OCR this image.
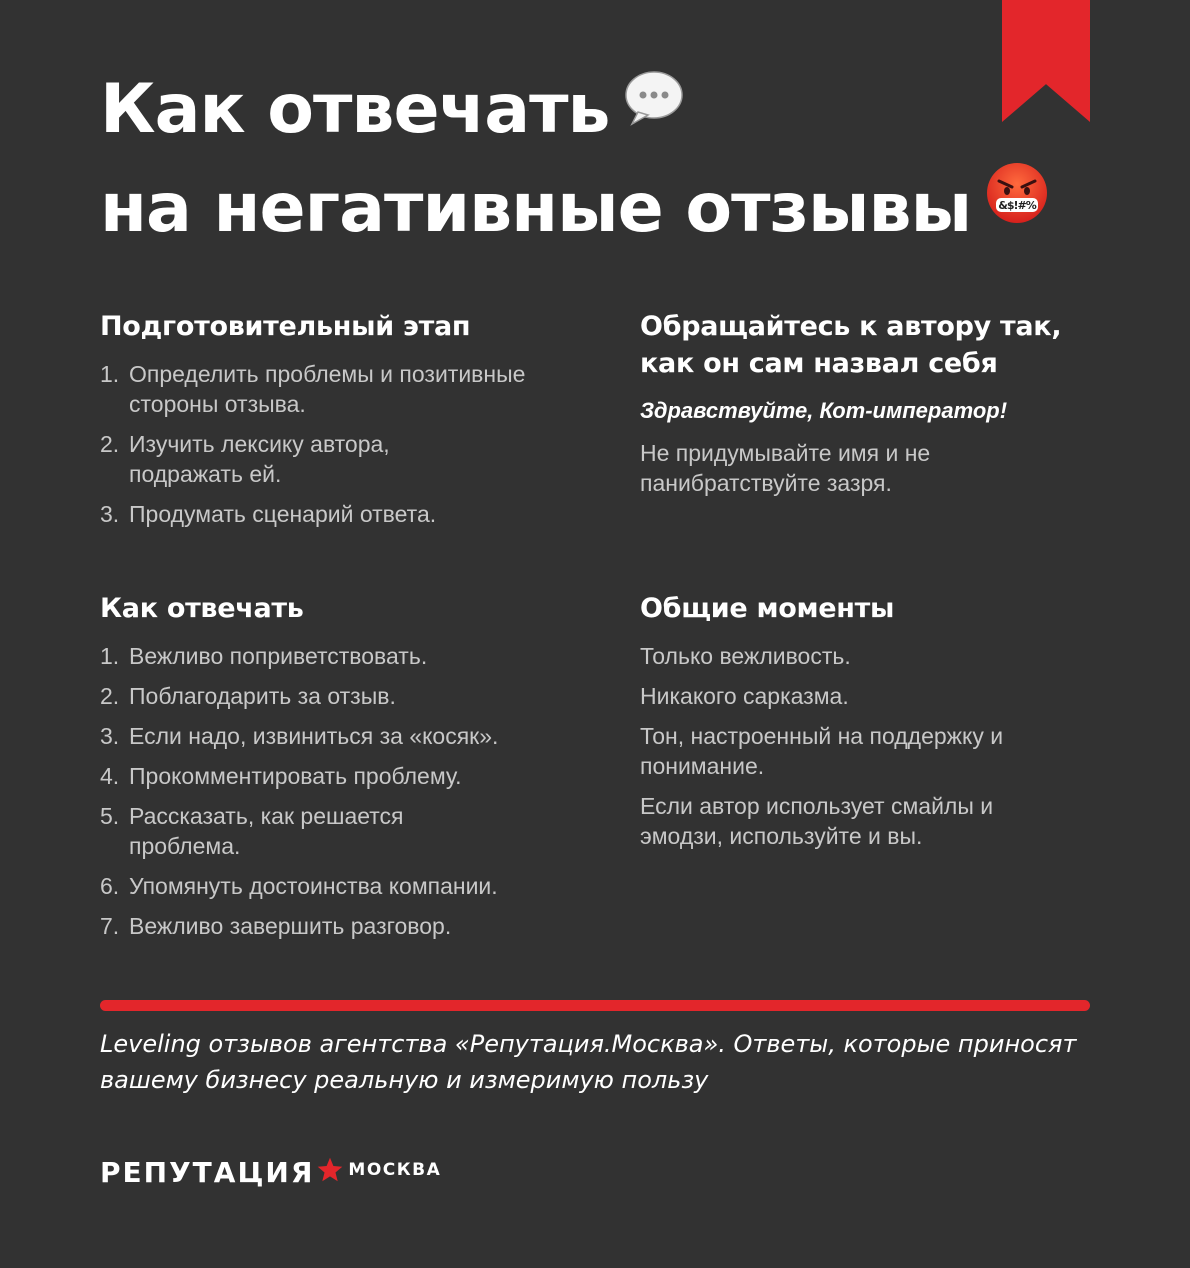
Как отвечать
на негативные отзывы &$!#%
Подготовительный этап
1. Определить проблемы и позитивные стороны отзыва.
2. Изучить лексику автора, подражать ей.
3. Продумать сценарий ответа.
Обращайтесь к автору так, как он сам назвал себя

Здравствуйте, Кот-император!

Не придумывайте имя и не панибратствуйте зазря.

Как отвечать
1. Вежливо поприветствовать.
2. Поблагодарить за отзыв.
3. Если надо, извиниться за «косяк».
4. Прокомментировать проблему.
5. Рассказать, как решается проблема.
6. Упомянуть достоинства компании.
7. Вежливо завершить разговор.
Общие моменты

Только вежливость.

Никакого сарказма.

Тон, настроенный на поддержку и понимание.

Если автор использует смайлы и эмодзи, используйте и вы.

Leveling отзывов агентства «Репутация.Москва». Ответы, которые приносят вашему бизнесу реальную и измеримую пользу

РЕПУТАЦИЯ МОСКВА
